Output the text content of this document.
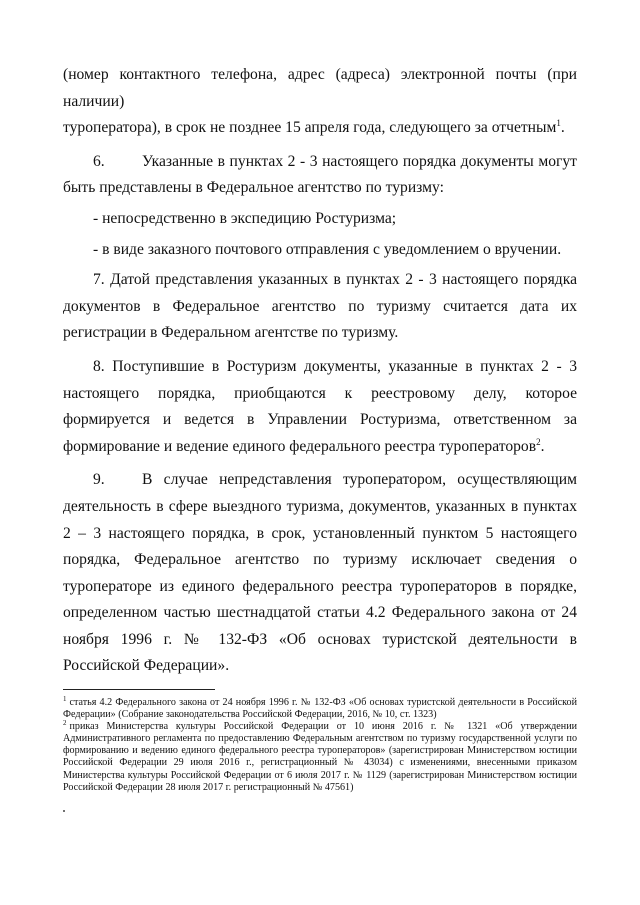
(номер контактного телефона, адрес (адреса) электронной почты (при наличии)
туроператора), в срок не позднее 15 апреля года, следующего за отчетным$^1$.

6. Указанные в пунктах 2 - 3 настоящего порядка документы могут быть представлены в Федеральное агентство по туризму:

- непосредственно в экспедицию Ростуризма;

- в виде заказного почтового отправления с уведомлением о вручении.

7. Датой представления указанных в пунктах 2 - 3 настоящего порядка документов в Федеральное агентство по туризму считается дата их регистрации в Федеральном агентстве по туризму.

8. Поступившие в Ростуризм документы, указанные в пунктах 2 - 3 настоящего порядка, приобщаются к реестровому делу, которое формируется и ведется в Управлении Ростуризма, ответственном за формирование и ведение единого федерального реестра туроператоров$^2$.

9. В случае непредставления туроператором, осуществляющим деятельность в сфере выездного туризма, документов, указанных в пунктах 2 – 3 настоящего порядка, в срок, установленный пунктом 5 настоящего порядка, Федеральное агентство по туризму исключает сведения о туроператоре из единого федерального реестра туроператоров в порядке, определенном частью шестнадцатой статьи 4.2 Федерального закона от 24 ноября 1996 г. № 132-ФЗ «Об основах туристской деятельности в Российской Федерации».

$^1$ статья 4.2 Федерального закона от 24 ноября 1996 г. № 132-ФЗ «Об основах туристской деятельности в Российской Федерации» (Собрание законодательства Российской Федерации, 2016, № 10, ст. 1323)

$^2$ приказ Министерства культуры Российской Федерации от 10 июня 2016 г. № 1321 «Об утверждении Административного регламента по предоставлению Федеральным агентством по туризму государственной услуги по формированию и ведению единого федерального реестра туроператоров» (зарегистрирован Министерством юстиции Российской Федерации 29 июля 2016 г., регистрационный № 43034) с изменениями, внесенными приказом Министерства культуры Российской Федерации от 6 июля 2017 г. № 1129 (зарегистрирован Министерством юстиции Российской Федерации 28 июля 2017 г. регистрационный № 47561)
